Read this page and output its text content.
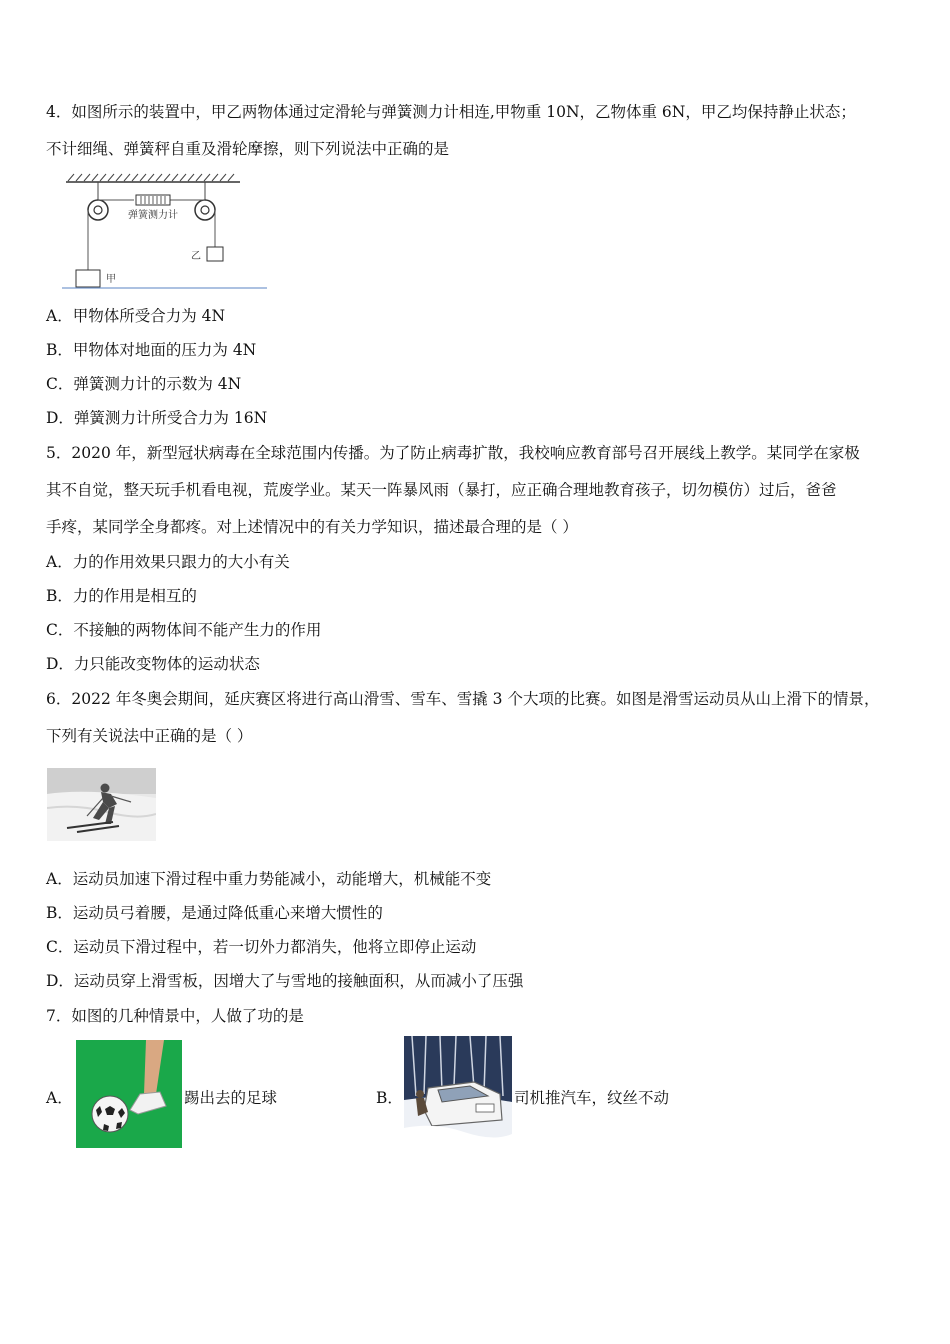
4．如图所示的装置中，甲乙两物体通过定滑轮与弹簧测力计相连,甲物重 10N，乙物体重 6N，甲乙均保持静止状态；
不计细绳、弹簧秤自重及滑轮摩擦，则下列说法中正确的是
弹簧测力计
乙
甲
A．甲物体所受合力为 4N
B．甲物体对地面的压力为 4N
C．弹簧测力计的示数为 4N
D．弹簧测力计所受合力为 16N
5．2020 年，新型冠状病毒在全球范围内传播。为了防止病毒扩散，我校响应教育部号召开展线上教学。某同学在家极
其不自觉，整天玩手机看电视，荒废学业。某天一阵暴风雨（暴打，应正确合理地教育孩子，切勿模仿）过后，爸爸
手疼，某同学全身都疼。对上述情况中的有关力学知识，描述最合理的是（ ）
A．力的作用效果只跟力的大小有关
B．力的作用是相互的
C．不接触的两物体间不能产生力的作用
D．力只能改变物体的运动状态
6．2022 年冬奥会期间，延庆赛区将进行高山滑雪、雪车、雪撬 3 个大项的比赛。如图是滑雪运动员从山上滑下的情景，
下列有关说法中正确的是（ ）
A．运动员加速下滑过程中重力势能减小，动能增大，机械能不变
B．运动员弓着腰，是通过降低重心来增大惯性的
C．运动员下滑过程中，若一切外力都消失，他将立即停止运动
D．运动员穿上滑雪板，因增大了与雪地的接触面积，从而减小了压强
7．如图的几种情景中，人做了功的是
A．	踢出去的足球	B．	司机推汽车，纹丝不动
